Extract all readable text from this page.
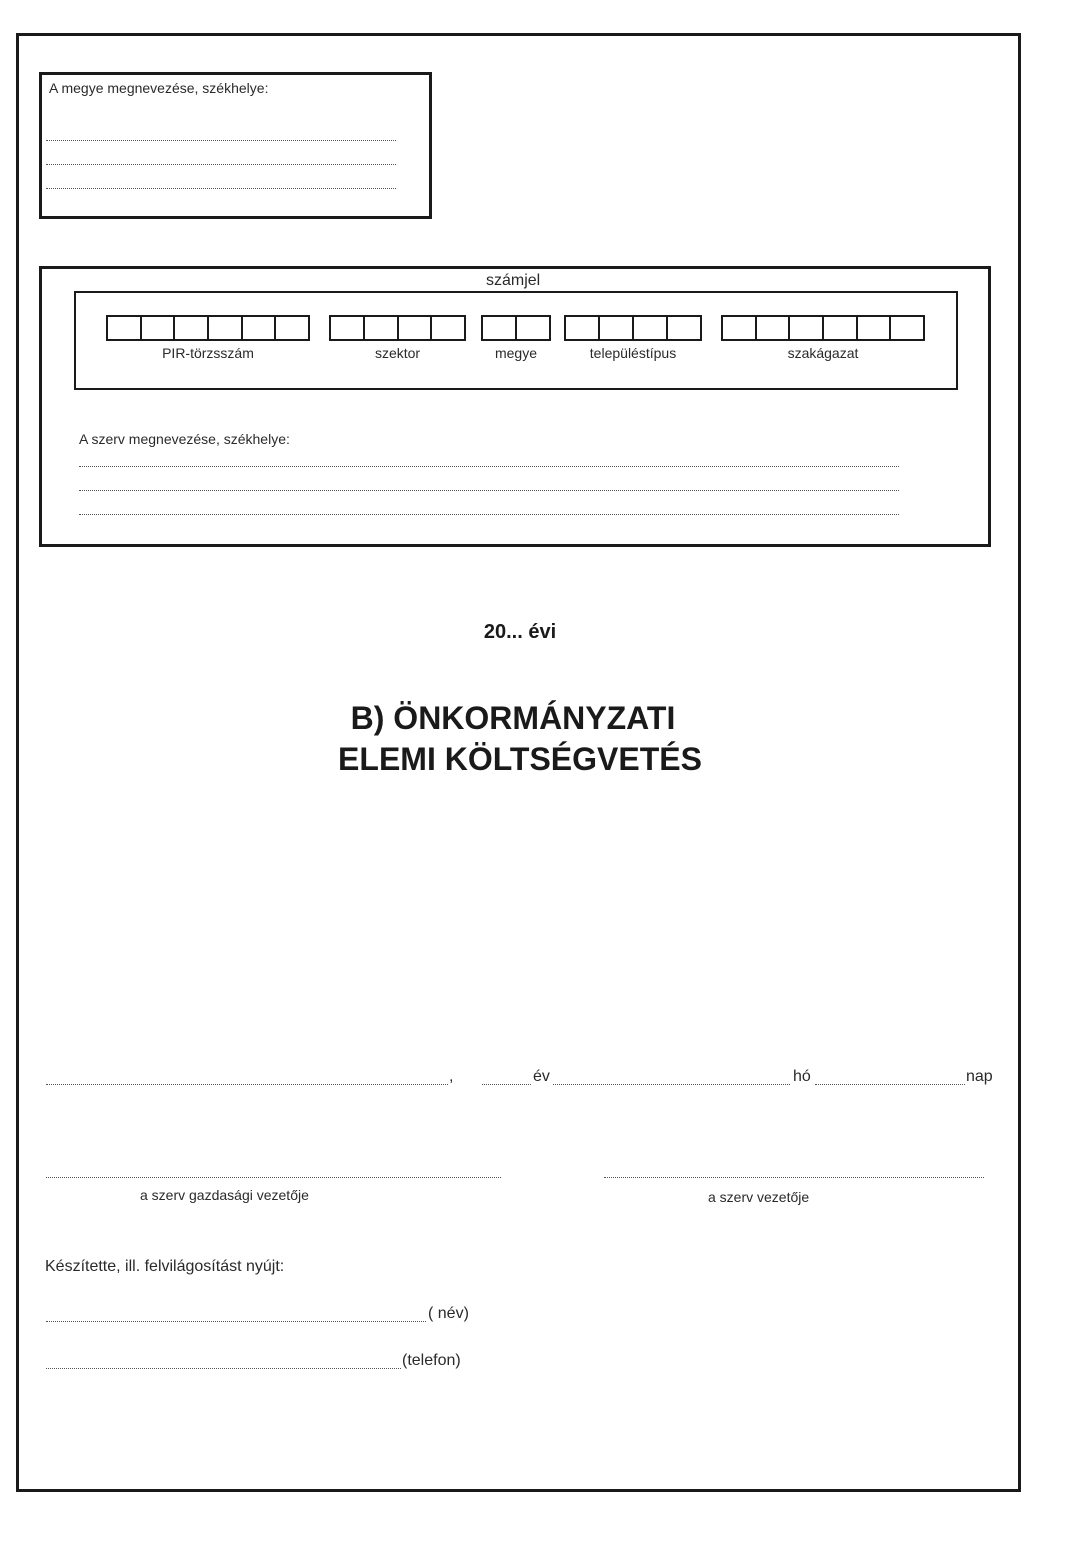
A megye megnevezése, székhelye:
számjel
PIR-törzsszám	szektor	megye	településtípus	szakágazat
A szerv megnevezése, székhelye:
20... évi
B) ÖNKORMÁNYZATI
ELEMI KÖLTSÉGVETÉS
,	év	hó	nap
a szerv gazdasági vezetője	a szerv vezetője
Készítette, ill. felvilágosítást nyújt:
( név)
(telefon)
